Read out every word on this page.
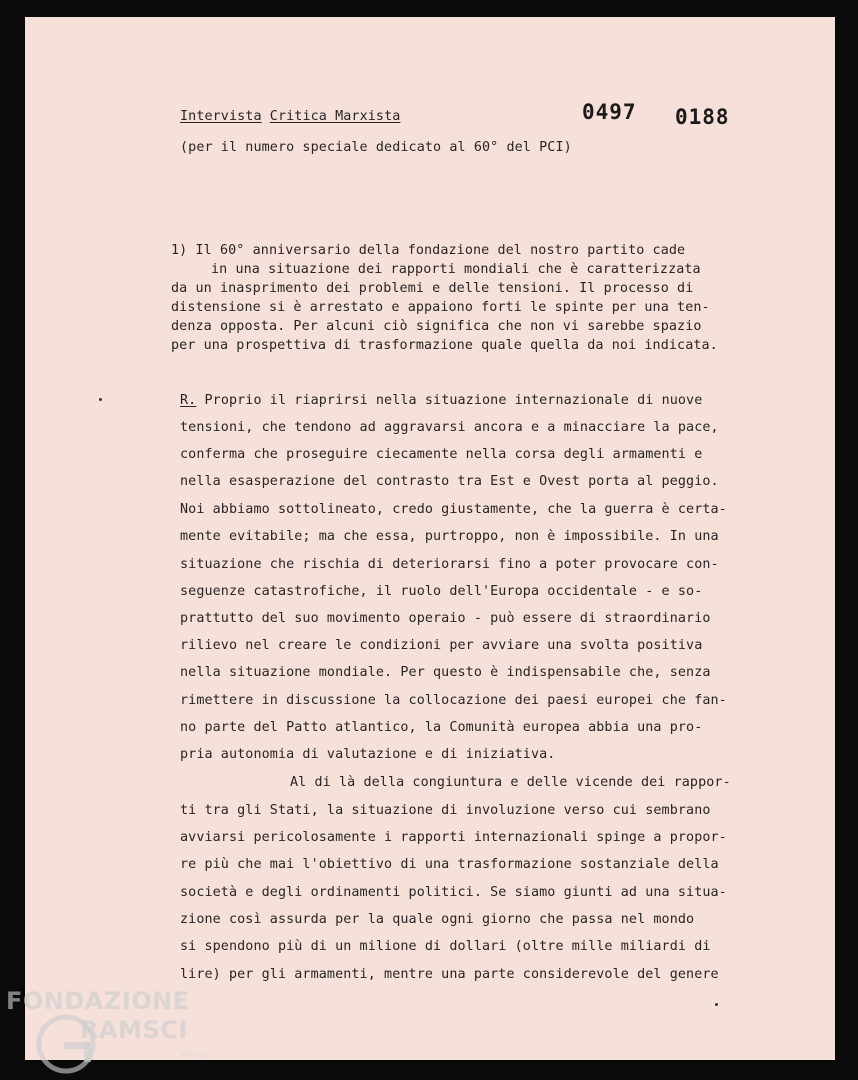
Intervista Critica Marxista	0497 0188
(per il numero speciale dedicato al 60° del PCI)
1) Il 60° anniversario della fondazione del nostro partito cade
in una situazione dei rapporti mondiali che è caratterizzata
da un inasprimento dei problemi e delle tensioni. Il processo di
distensione si è arrestato e appaiono forti le spinte per una ten-
denza opposta. Per alcuni ciò significa che non vi sarebbe spazio
per una prospettiva di trasformazione quale quella da noi indicata.
R. Proprio il riaprirsi nella situazione internazionale di nuove
tensioni, che tendono ad aggravarsi ancora e a minacciare la pace,
conferma che proseguire ciecamente nella corsa degli armamenti e
nella esasperazione del contrasto tra Est e Ovest porta al peggio.
Noi abbiamo sottolineato, credo giustamente, che la guerra è certa-
mente evitabile; ma che essa, purtroppo, non è impossibile. In una
situazione che rischia di deteriorarsi fino a poter provocare con-
seguenze catastrofiche, il ruolo dell'Europa occidentale - e so-
prattutto del suo movimento operaio - può essere di straordinario
rilievo nel creare le condizioni per avviare una svolta positiva
nella situazione mondiale. Per questo è indispensabile che, senza
rimettere in discussione la collocazione dei paesi europei che fan-
no parte del Patto atlantico, la Comunità europea abbia una pro-
pria autonomia di valutazione e di iniziativa.
Al di là della congiuntura e delle vicende dei rappor-
ti tra gli Stati, la situazione di involuzione verso cui sembrano
avviarsi pericolosamente i rapporti internazionali spinge a propor-
re più che mai l'obiettivo di una trasformazione sostanziale della
società e degli ordinamenti politici. Se siamo giunti ad una situa-
zione così assurda per la quale ogni giorno che passa nel mondo
si spendono più di un milione di dollari (oltre mille miliardi di
lire) per gli armamenti, mentre una parte considerevole del genere
FONDAZIONE
RAMSCI
onlus
